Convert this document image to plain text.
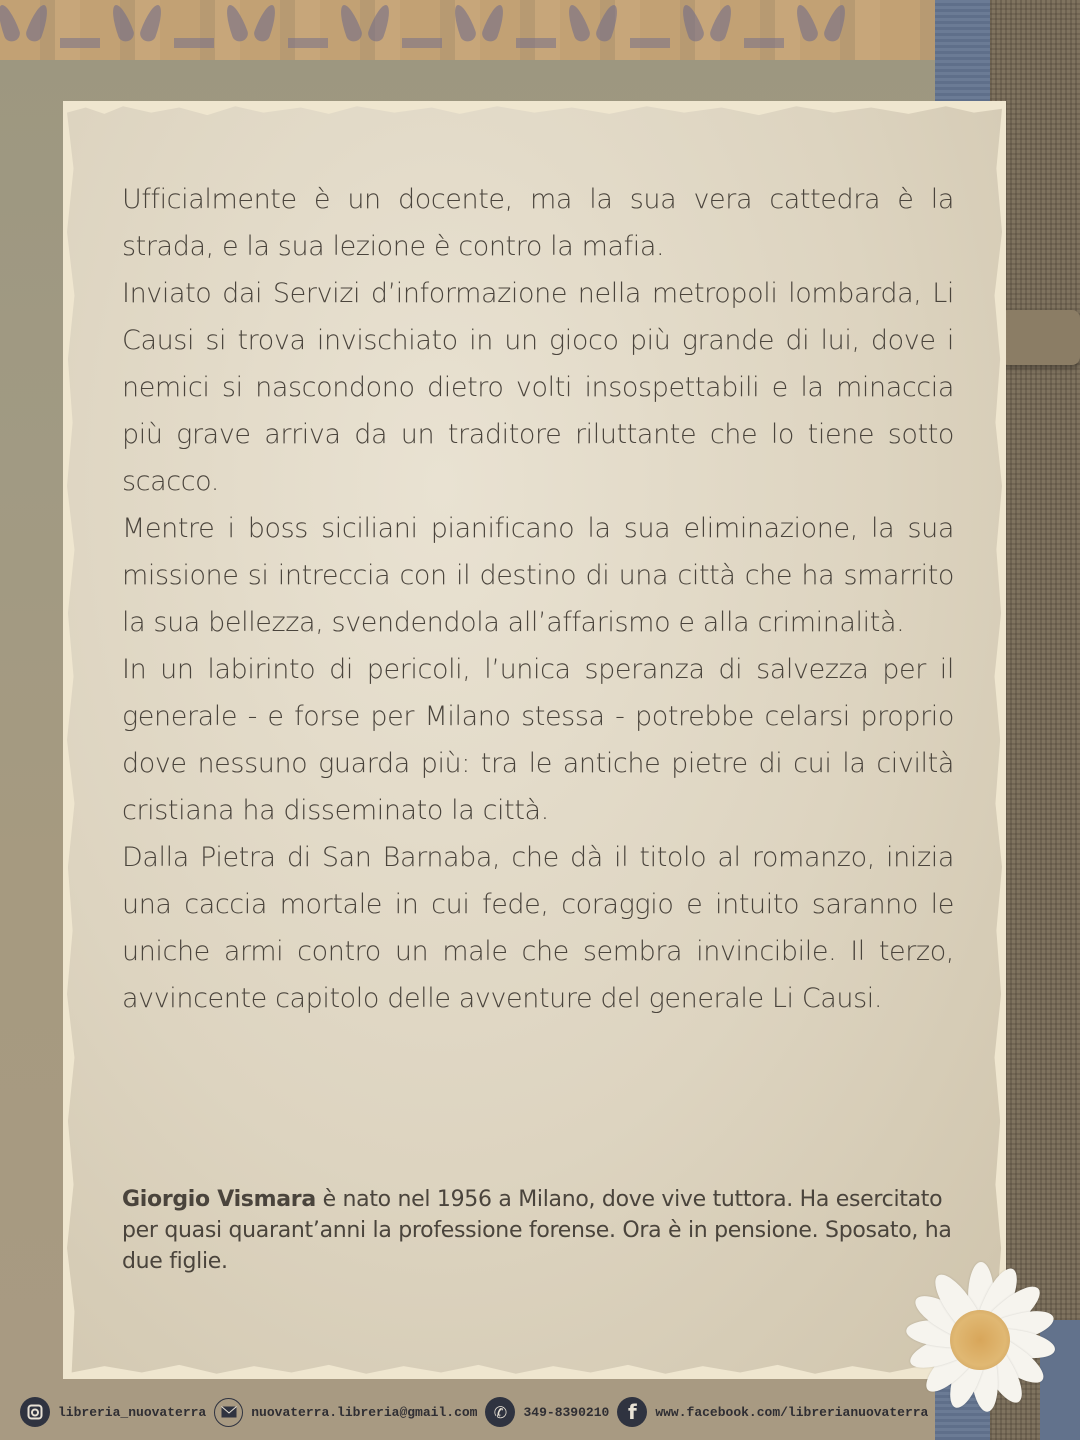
Ufficialmente è un docente, ma la sua vera cattedra è la strada, e la sua lezione è contro la mafia.

Inviato dai Servizi d’informazione nella metropoli lombarda, Li Causi si trova invischiato in un gioco più grande di lui, dove i nemici si nascondono dietro volti insospettabili e la minaccia più grave arriva da un traditore riluttante che lo tiene sotto scacco.

Mentre i boss siciliani pianificano la sua eliminazione, la sua missione si intreccia con il destino di una città che ha smarrito la sua bellezza, svendendola all’affarismo e alla criminalità.

In un labirinto di pericoli, l’unica speranza di salvezza per il generale - e forse per Milano stessa - potrebbe celarsi proprio dove nessuno guarda più: tra le antiche pietre di cui la civiltà cristiana ha disseminato la città.

Dalla Pietra di San Barnaba, che dà il titolo al romanzo, inizia una caccia mortale in cui fede, coraggio e intuito saranno le uniche armi contro un male che sembra invincibile. Il terzo, avvincente capitolo delle avventure del generale Li Causi.

Giorgio Vismara è nato nel 1956 a Milano, dove vive tuttora. Ha esercitato per quasi quarant’anni la professione forense. Ora è in pensione. Sposato, ha due figlie.
libreria_nuovaterra	nuovaterra.libreria@gmail.com	✆	349-8390210 f	www.facebook.com/librerianuovaterra
